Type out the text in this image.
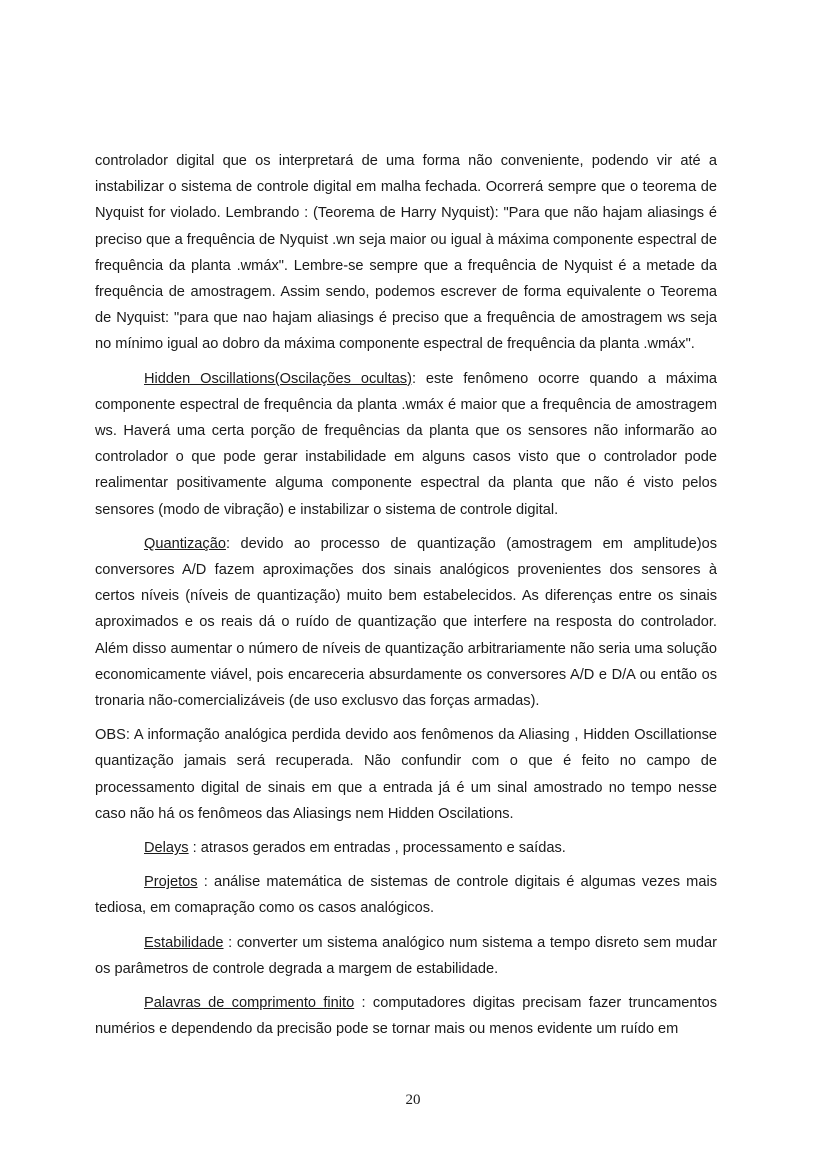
controlador digital que os interpretará de uma forma não conveniente, podendo vir até a instabilizar o sistema de controle digital em malha fechada. Ocorrerá sempre que o teorema de Nyquist for violado. Lembrando : (Teorema de Harry Nyquist): "Para que não hajam aliasings é preciso que a frequência de Nyquist .wn seja maior ou igual à máxima componente espectral de frequência da planta .wmáx". Lembre-se sempre que a frequência de Nyquist é a metade da frequência de amostragem. Assim sendo, podemos escrever de forma equivalente o Teorema de Nyquist: "para que nao hajam aliasings é preciso que a frequência de amostragem ws seja no mínimo igual ao dobro da máxima componente espectral de frequência da planta .wmáx".

Hidden Oscillations(Oscilações ocultas): este fenômeno ocorre quando a máxima componente espectral de frequência da planta .wmáx é maior que a frequência de amostragem ws. Haverá uma certa porção de frequências da planta que os sensores não informarão ao controlador o que pode gerar instabilidade em alguns casos visto que o controlador pode realimentar positivamente alguma componente espectral da planta que não é visto pelos sensores (modo de vibração) e instabilizar o sistema de controle digital.

Quantização: devido ao processo de quantização (amostragem em amplitude)os conversores A/D fazem aproximações dos sinais analógicos provenientes dos sensores à certos níveis (níveis de quantização) muito bem estabelecidos. As diferenças entre os sinais aproximados e os reais dá o ruído de quantização que interfere na resposta do controlador. Além disso aumentar o número de níveis de quantização arbitrariamente não seria uma solução economicamente viável, pois encareceria absurdamente os conversores A/D e D/A ou então os tronaria não-comercializáveis (de uso exclusvo das forças armadas).

OBS: A informação analógica perdida devido aos fenômenos da Aliasing , Hidden Oscillationse quantização jamais será recuperada. Não confundir com o que é feito no campo de processamento digital de sinais em que a entrada já é um sinal amostrado no tempo nesse caso não há os fenômeos das Aliasings nem Hidden Oscilations.

Delays : atrasos gerados em entradas , processamento e saídas.

Projetos : análise matemática de sistemas de controle digitais é algumas vezes mais tediosa, em comapração como os casos analógicos.

Estabilidade : converter um sistema analógico num sistema a tempo disreto sem mudar os parâmetros de controle degrada a margem de estabilidade.

Palavras de comprimento finito : computadores digitas precisam fazer truncamentos numérios e dependendo da precisão pode se tornar mais ou menos evidente um ruído em

20
